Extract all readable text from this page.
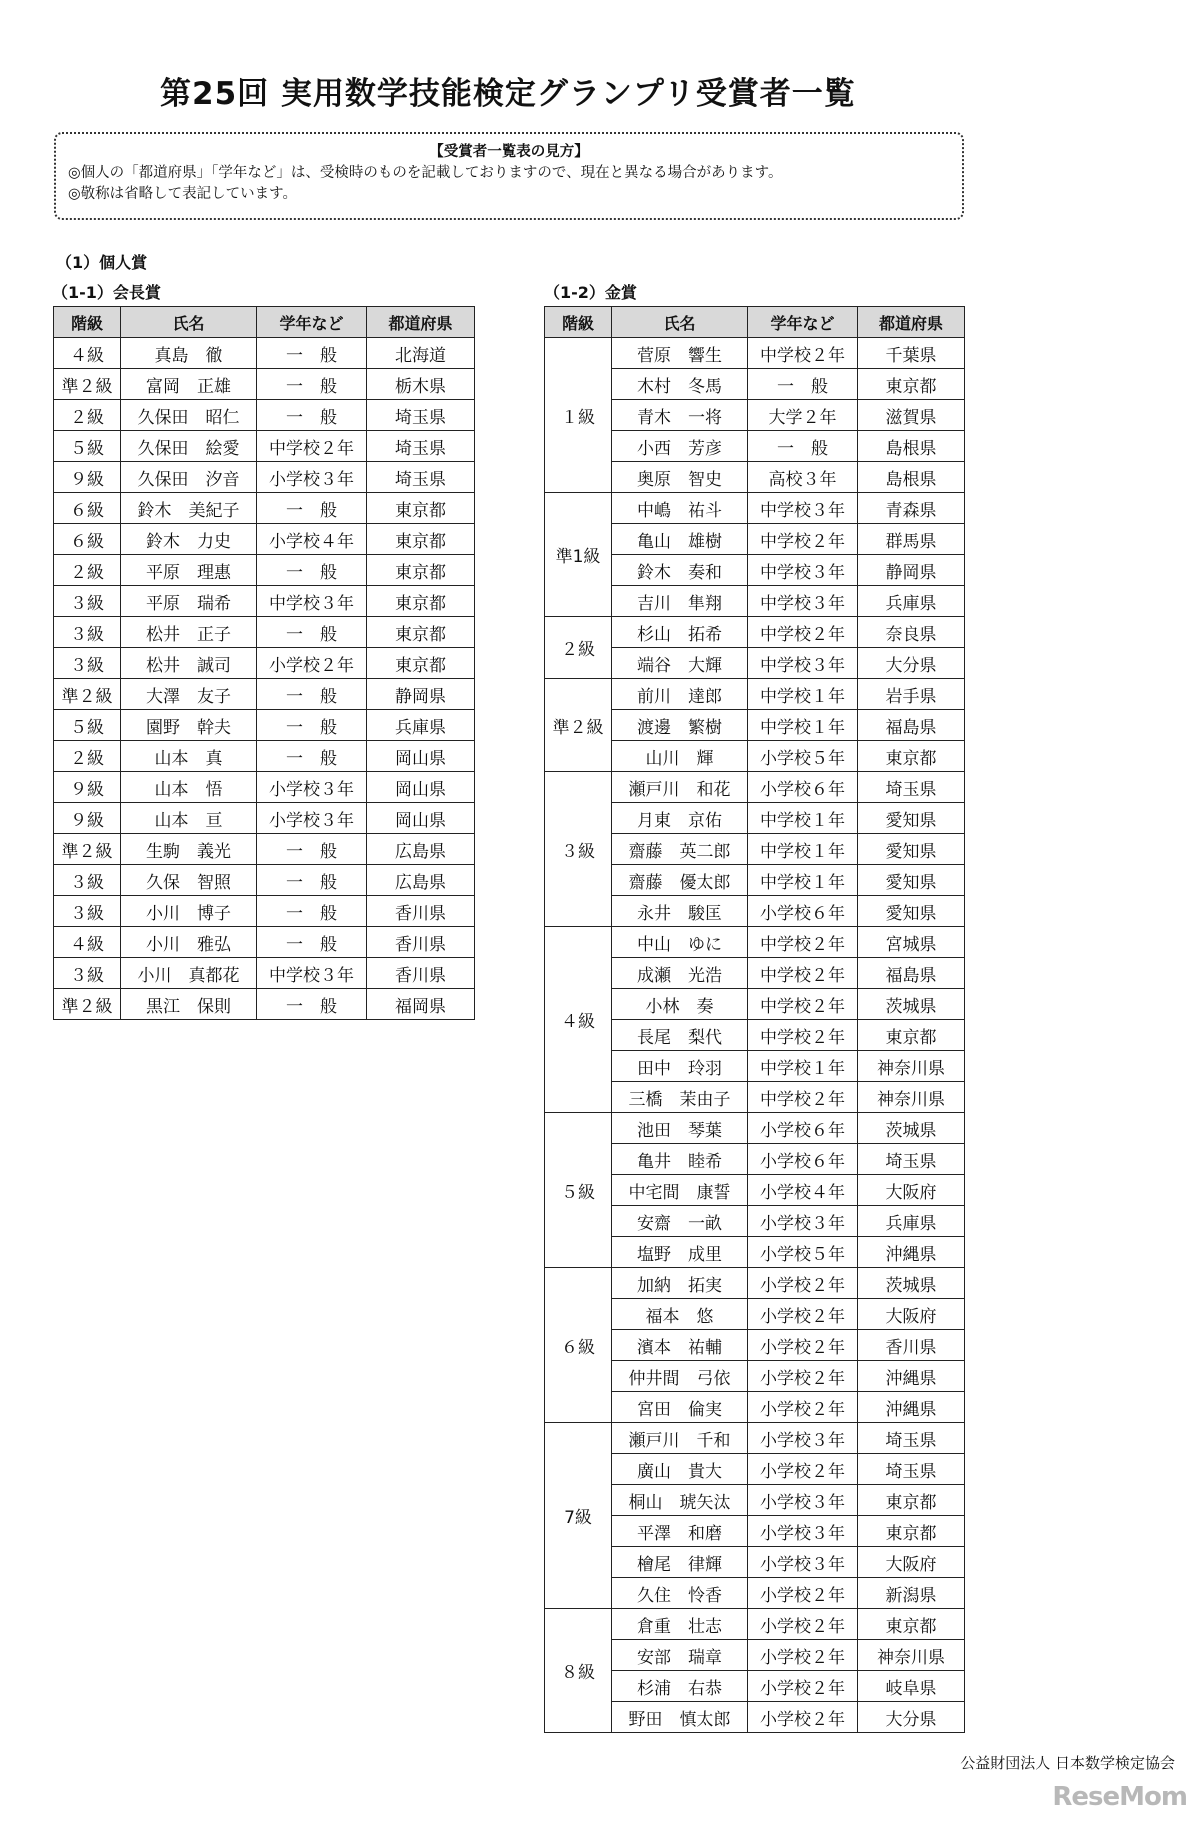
第25回 実用数学技能検定グランプリ受賞者一覧
【受賞者一覧表の見方】
◎個人の「都道府県」「学年など」は、受検時のものを記載しておりますので、現在と異なる場合があります。
◎敬称は省略して表記しています。
（1）個人賞
（1-1）会長賞	（1-2）金賞
階級	氏名	学年など	都道府県
４級	真島　徹	一　般	北海道
準２級	富岡　正雄	一　般	栃木県
２級	久保田　昭仁	一　般	埼玉県
５級	久保田　絵愛	中学校２年	埼玉県
９級	久保田　汐音	小学校３年	埼玉県
６級	鈴木　美紀子	一　般	東京都
６級	鈴木　力史	小学校４年	東京都
２級	平原　理惠	一　般	東京都
３級	平原　瑞希	中学校３年	東京都
３級	松井　正子	一　般	東京都
３級	松井　誠司	小学校２年	東京都
準２級	大澤　友子	一　般	静岡県
５級	園野　幹夫	一　般	兵庫県
２級	山本　真	一　般	岡山県
９級	山本　悟	小学校３年	岡山県
９級	山本　亘	小学校３年	岡山県
準２級	生駒　義光	一　般	広島県
３級	久保　智照	一　般	広島県
３級	小川　博子	一　般	香川県
４級	小川　雅弘	一　般	香川県
３級	小川　真都花	中学校３年	香川県
準２級	黒江　保則	一　般	福岡県
階級	氏名	学年など	都道府県
１級	菅原　響生	中学校２年	千葉県
	木村　冬馬	一　般	東京都
	青木　一将	大学２年	滋賀県
	小西　芳彦	一　般	島根県
	奥原　智史	高校３年	島根県
準1級	中嶋　祐斗	中学校３年	青森県
	亀山　雄樹	中学校２年	群馬県
	鈴木　奏和	中学校３年	静岡県
	吉川　隼翔	中学校３年	兵庫県
２級	杉山　拓希	中学校２年	奈良県
	端谷　大輝	中学校３年	大分県
準２級	前川　達郎	中学校１年	岩手県
	渡邊　繁樹	中学校１年	福島県
	山川　輝	小学校５年	東京都
３級	瀬戸川　和花	小学校６年	埼玉県
	月東　京佑	中学校１年	愛知県
	齋藤　英二郎	中学校１年	愛知県
	齋藤　優太郎	中学校１年	愛知県
	永井　駿匡	小学校６年	愛知県
４級	中山　ゆに	中学校２年	宮城県
	成瀬　光浩	中学校２年	福島県
	小林　奏	中学校２年	茨城県
	長尾　梨代	中学校２年	東京都
	田中　玲羽	中学校１年	神奈川県
	三橋　茉由子	中学校２年	神奈川県
５級	池田　琴葉	小学校６年	茨城県
	亀井　睦希	小学校６年	埼玉県
	中宅間　康誓	小学校４年	大阪府
	安齋　一畝	小学校３年	兵庫県
	塩野　成里	小学校５年	沖縄県
６級	加納　拓実	小学校２年	茨城県
	福本　悠	小学校２年	大阪府
	濱本　祐輔	小学校２年	香川県
	仲井間　弓依	小学校２年	沖縄県
	宮田　倫実	小学校２年	沖縄県
7級	瀬戸川　千和	小学校３年	埼玉県
	廣山　貴大	小学校２年	埼玉県
	桐山　琥矢汰	小学校３年	東京都
	平澤　和磨	小学校３年	東京都
	檜尾　律輝	小学校３年	大阪府
	久住　怜香	小学校２年	新潟県
８級	倉重　壮志	小学校２年	東京都
	安部　瑞章	小学校２年	神奈川県
	杉浦　右恭	小学校２年	岐阜県
	野田　慎太郎	小学校２年	大分県
公益財団法人 日本数学検定協会
ReseMom
